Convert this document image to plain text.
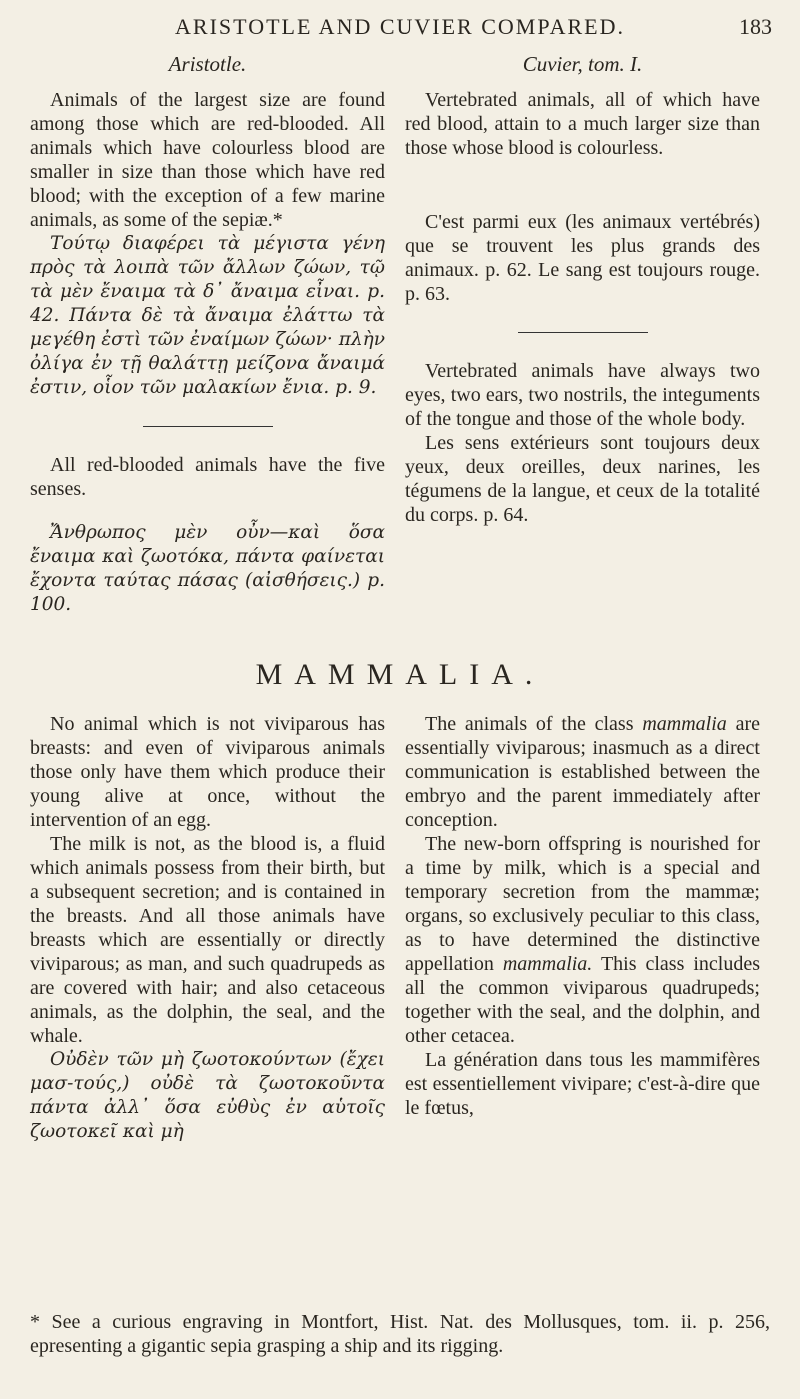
ARISTOTLE AND CUVIER COMPARED.	183
Aristotle.

Animals of the largest size are found among those which are red-blooded. All animals which have colourless blood are smaller in size than those which have red blood; with the exception of a few marine animals, as some of the sepiæ.*

Τούτῳ διαφέρει τὰ μέγιστα γένη πρὸς τὰ λοιπὰ τῶν ἄλλων ζώων, τῷ τὰ μὲν ἔναιμα τὰ δ᾽ ἄναιμα εἶναι. p. 42. Πάντα δὲ τὰ ἄναιμα ἐλάττω τὰ μεγέθη ἐστὶ τῶν ἐναίμων ζώων· πλὴν ὀλίγα ἐν τῇ θαλάττῃ μείζονα ἄναιμά ἐστιν, οἷον τῶν μαλακίων ἔνια. p. 9.

All red-blooded animals have the five senses.

Ἄνθρωπος μὲν οὖν—καὶ ὅσα ἔναιμα καὶ ζωοτόκα, πάντα φαίνεται ἔχοντα ταύτας πάσας (αἰσθήσεις.) p. 100.

Cuvier, tom. I.

Vertebrated animals, all of which have red blood, attain to a much larger size than those whose blood is colourless.

C'est parmi eux (les animaux vertébrés) que se trouvent les plus grands des animaux. p. 62. Le sang est toujours rouge. p. 63.

Vertebrated animals have always two eyes, two ears, two nostrils, the integuments of the tongue and those of the whole body.

Les sens extérieurs sont toujours deux yeux, deux oreilles, deux narines, les tégumens de la langue, et ceux de la totalité du corps. p. 64.

MAMMALIA.

No animal which is not viviparous has breasts: and even of viviparous animals those only have them which produce their young alive at once, without the intervention of an egg.

The milk is not, as the blood is, a fluid which animals possess from their birth, but a subsequent secretion; and is contained in the breasts. And all those animals have breasts which are essentially or directly viviparous; as man, and such quadrupeds as are covered with hair; and also cetaceous animals, as the dolphin, the seal, and the whale.

Οὐδὲν τῶν μὴ ζωοτοκούντων (ἔχει μασ-τούς,) οὐδὲ τὰ ζωοτοκοῦντα πάντα ἀλλ᾽ ὅσα εὐθὺς ἐν αὑτοῖς ζωοτοκεῖ καὶ μὴ

The animals of the class mammalia are essentially viviparous; inasmuch as a direct communication is established between the embryo and the parent immediately after conception.

The new-born offspring is nourished for a time by milk, which is a special and temporary secretion from the mammæ; organs, so exclusively peculiar to this class, as to have determined the distinctive appellation mammalia. This class includes all the common viviparous quadrupeds; together with the seal, and the dolphin, and other cetacea.

La génération dans tous les mammifères est essentiellement vivipare; c'est-à-dire que le fœtus,

* See a curious engraving in Montfort, Hist. Nat. des Mollusques, tom. ii. p. 256, epresenting a gigantic sepia grasping a ship and its rigging.
